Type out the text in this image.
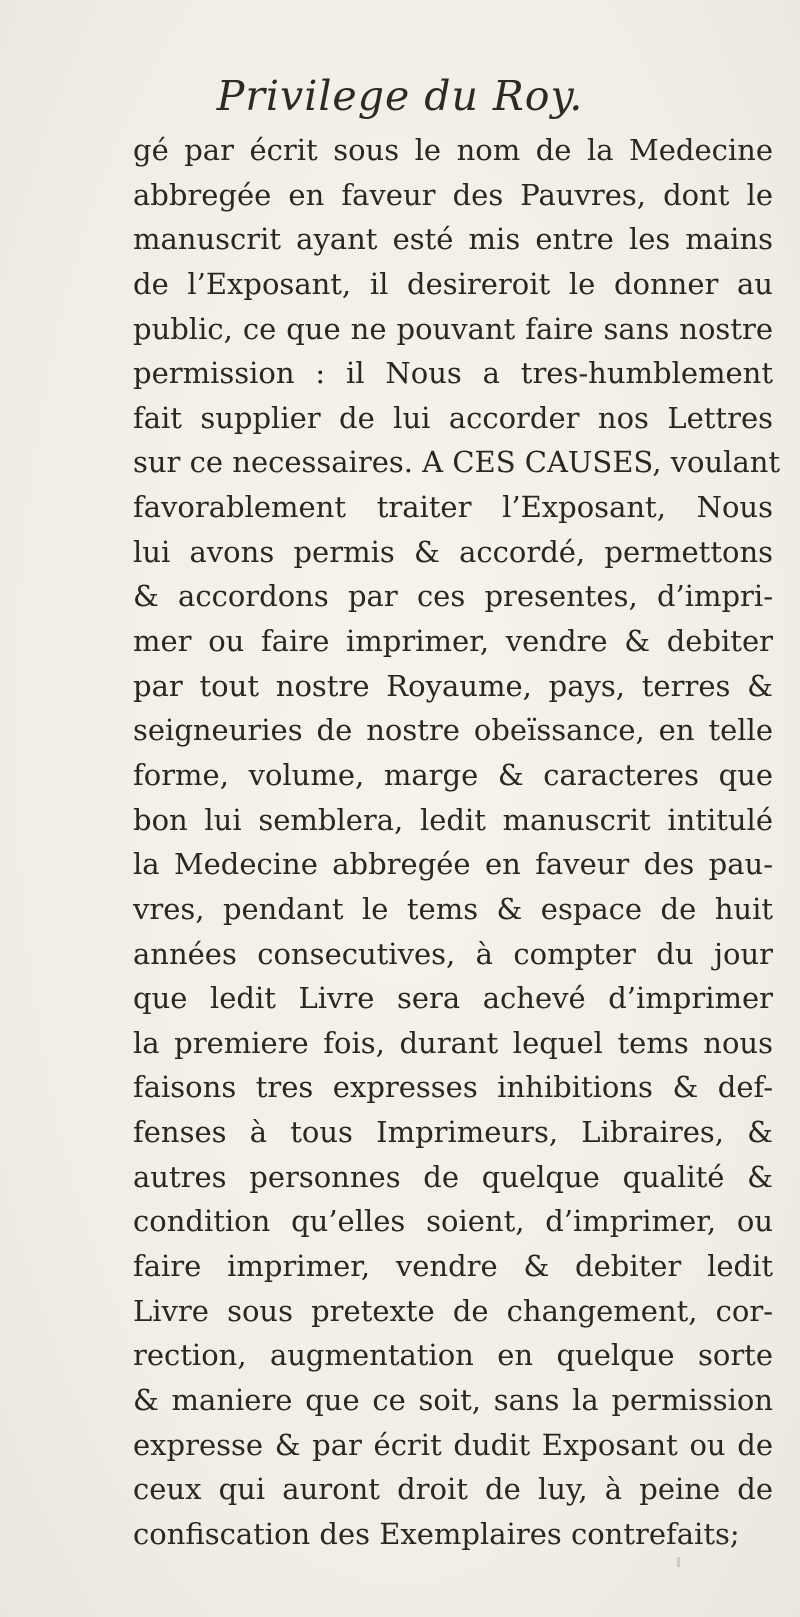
Privilege du Roy.
gé par écrit sous le nom de la Medecine
abbregée en faveur des Pauvres, dont le
manuscrit ayant esté mis entre les mains
de l’Exposant, il desireroit le donner au
public, ce que ne pouvant faire sans nostre
permission : il Nous a tres-humblement
fait supplier de lui accorder nos Lettres
sur ce necessaires. A CES CAUSES, voulant
favorablement traiter l’Exposant, Nous
lui avons permis & accordé, permettons
& accordons par ces presentes, d’impri-
mer ou faire imprimer, vendre & debiter
par tout nostre Royaume, pays, terres &
seigneuries de nostre obeïssance, en telle
forme, volume, marge & caracteres que
bon lui semblera, ledit manuscrit intitulé
la Medecine abbregée en faveur des pau-
vres, pendant le tems & espace de huit
années consecutives, à compter du jour
que ledit Livre sera achevé d’imprimer
la premiere fois, durant lequel tems nous
faisons tres expresses inhibitions & def-
fenses à tous Imprimeurs, Libraires, &
autres personnes de quelque qualité &
condition qu’elles soient, d’imprimer, ou
faire imprimer, vendre & debiter ledit
Livre sous pretexte de changement, cor-
rection, augmentation en quelque sorte
& maniere que ce soit, sans la permission
expresse & par écrit dudit Exposant ou de
ceux qui auront droit de luy, à peine de
confiscation des Exemplaires contrefaits;
